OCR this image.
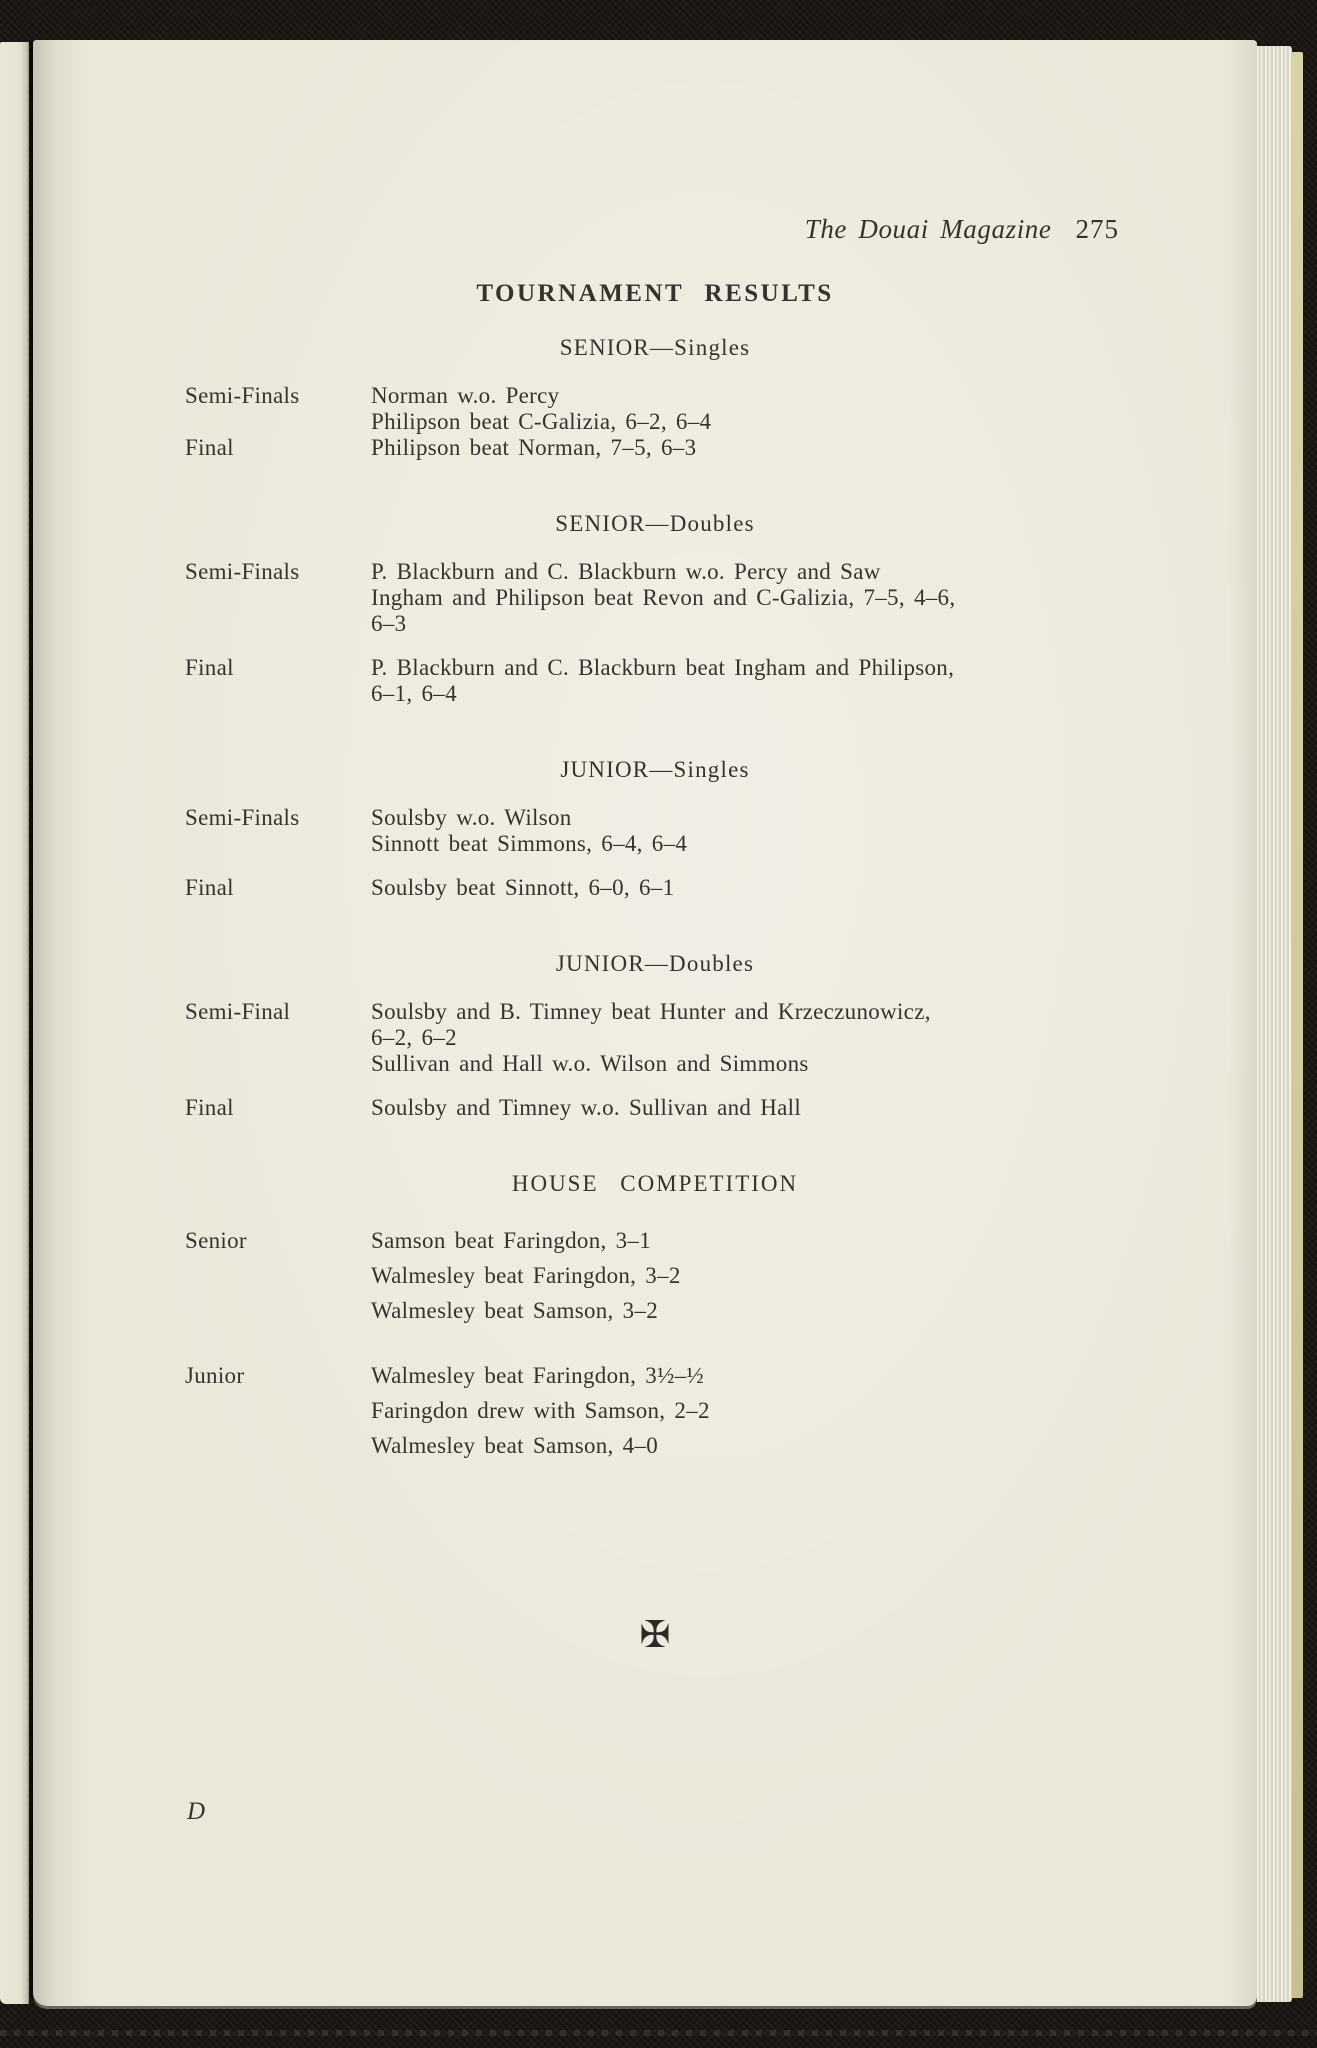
The Douai Magazine 275
TOURNAMENT RESULTS
SENIOR—Singles
Semi-Finals	Norman w.o. Percy
Philipson beat C-Galizia, 6–2, 6–4
Final	Philipson beat Norman, 7–5, 6–3
SENIOR—Doubles
Semi-Finals	P. Blackburn and C. Blackburn w.o. Percy and Saw
Ingham and Philipson beat Revon and C-Galizia, 7–5, 4–6,
6–3
Final	P. Blackburn and C. Blackburn beat Ingham and Philipson,
6–1, 6–4
JUNIOR—Singles
Semi-Finals	Soulsby w.o. Wilson
Sinnott beat Simmons, 6–4, 6–4
Final	Soulsby beat Sinnott, 6–0, 6–1
JUNIOR—Doubles
Semi-Final	Soulsby and B. Timney beat Hunter and Krzeczunowicz,
6–2, 6–2
Sullivan and Hall w.o. Wilson and Simmons
Final	Soulsby and Timney w.o. Sullivan and Hall
HOUSE COMPETITION
Senior	Samson beat Faringdon, 3–1
Walmesley beat Faringdon, 3–2
Walmesley beat Samson, 3–2
Junior	Walmesley beat Faringdon, 3½–½
Faringdon drew with Samson, 2–2
Walmesley beat Samson, 4–0
✠
D
